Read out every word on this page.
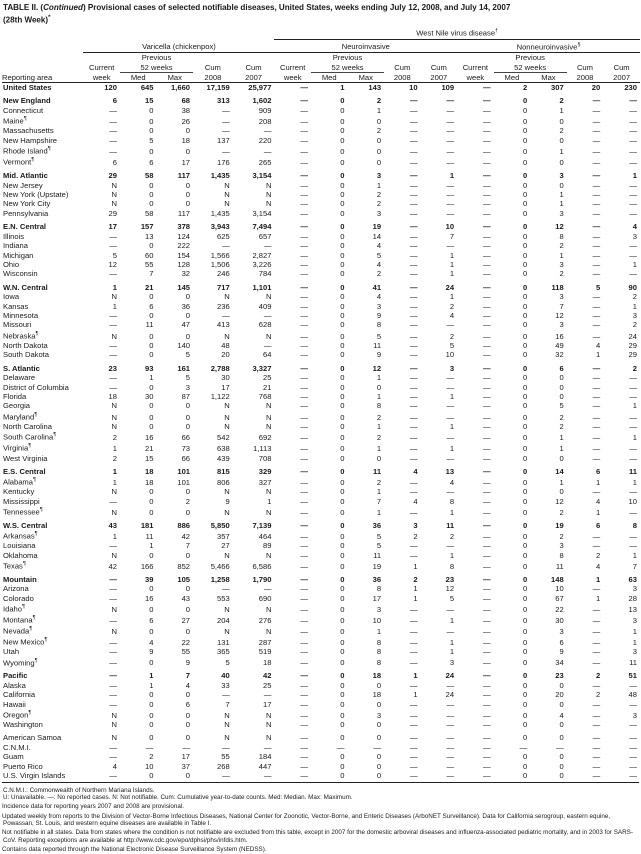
TABLE II. (Continued) Provisional cases of selected notifiable diseases, United States, weeks ending July 12, 2008, and July 14, 2007
(28th Week)*
						West Nile virus disease†
	Varicella (chickenpox)					Neuroinvasive					Nonneuroinvasive§
		Previous					Previous					Previous			
	Current	52 weeks		Cum	Cum	Current	52 weeks		Cum	Cum	Current	52 weeks		Cum	Cum
Reporting area	week	Med	Max	2008	2007	week	Med	Max	2008	2007	week	Med	Max	2008	2007
United States	120	645	1,660	17,159	25,977	—	1	143	10	109	—	2	307	20	230

New England	6	15	68	313	1,602	—	0	2	—	—	—	0	2	—	—
Connecticut	—	0	38	—	909	—	0	1	—	—	—	0	1	—	—
Maine¶	—	0	26	—	208	—	0	0	—	—	—	0	0	—	—
Massachusetts	—	0	0	—	—	—	0	2	—	—	—	0	2	—	—
New Hampshire	—	5	18	137	220	—	0	0	—	—	—	0	0	—	—
Rhode Island¶	—	0	0	—	—	—	0	0	—	—	—	0	1	—	—
Vermont¶	6	6	17	176	265	—	0	0	—	—	—	0	0	—	—

Mid. Atlantic	29	58	117	1,435	3,154	—	0	3	—	1	—	0	3	—	1
New Jersey	N	0	0	N	N	—	0	1	—	—	—	0	0	—	—
New York (Upstate)	N	0	0	N	N	—	0	2	—	—	—	0	1	—	—
New York City	N	0	0	N	N	—	0	2	—	—	—	0	1	—	—
Pennsylvania	29	58	117	1,435	3,154	—	0	3	—	—	—	0	3	—	—

E.N. Central	17	157	378	3,943	7,494	—	0	19	—	10	—	0	12	—	4
Illinois	—	13	124	625	657	—	0	14	—	7	—	0	8	—	3
Indiana	—	0	222	—	—	—	0	4	—	—	—	0	2	—	—
Michigan	5	60	154	1,566	2,827	—	0	5	—	1	—	0	1	—	—
Ohio	12	55	128	1,506	3,226	—	0	4	—	1	—	0	3	—	1
Wisconsin	—	7	32	246	784	—	0	2	—	1	—	0	2	—	—

W.N. Central	1	21	145	717	1,101	—	0	41	—	24	—	0	118	5	90
Iowa	N	0	0	N	N	—	0	4	—	1	—	0	3	—	2
Kansas	1	6	36	236	409	—	0	3	—	2	—	0	7	—	1
Minnesota	—	0	0	—	—	—	0	9	—	4	—	0	12	—	3
Missouri	—	11	47	413	628	—	0	8	—	—	—	0	3	—	2
Nebraska¶	N	0	0	N	N	—	0	5	—	2	—	0	16	—	24
North Dakota	—	0	140	48	—	—	0	11	—	5	—	0	49	4	29
South Dakota	—	0	5	20	64	—	0	9	—	10	—	0	32	1	29

S. Atlantic	23	93	161	2,788	3,327	—	0	12	—	3	—	0	6	—	2
Delaware	—	1	5	30	25	—	0	1	—	—	—	0	0	—	—
District of Columbia	—	0	3	17	21	—	0	0	—	—	—	0	0	—	—
Florida	18	30	87	1,122	768	—	0	1	—	1	—	0	0	—	—
Georgia	N	0	0	N	N	—	0	8	—	—	—	0	5	—	1
Maryland¶	N	0	0	N	N	—	0	2	—	—	—	0	2	—	—
North Carolina	N	0	0	N	N	—	0	1	—	1	—	0	2	—	—
South Carolina¶	2	16	66	542	692	—	0	2	—	—	—	0	1	—	1
Virginia¶	1	21	73	638	1,113	—	0	1	—	1	—	0	1	—	—
West Virginia	2	15	66	439	708	—	0	0	—	—	—	0	0	—	—

E.S. Central	1	18	101	815	329	—	0	11	4	13	—	0	14	6	11
Alabama¶	1	18	101	806	327	—	0	2	—	4	—	0	1	1	1
Kentucky	N	0	0	N	N	—	0	1	—	—	—	0	0	—	—
Mississippi	—	0	2	9	1	—	0	7	4	8	—	0	12	4	10
Tennessee¶	N	0	0	N	N	—	0	1	—	1	—	0	2	1	—

W.S. Central	43	181	886	5,850	7,139	—	0	36	3	11	—	0	19	6	8
Arkansas¶	1	11	42	357	464	—	0	5	2	2	—	0	2	—	—
Louisiana	—	1	7	27	89	—	0	5	—	—	—	0	3	—	—
Oklahoma	N	0	0	N	N	—	0	11	—	1	—	0	8	2	1
Texas¶	42	166	852	5,466	6,586	—	0	19	1	8	—	0	11	4	7

Mountain	—	39	105	1,258	1,790	—	0	36	2	23	—	0	148	1	63
Arizona	—	0	0	—	—	—	0	8	1	12	—	0	10	—	3
Colorado	—	16	43	553	690	—	0	17	1	5	—	0	67	1	28
Idaho¶	N	0	0	N	N	—	0	3	—	—	—	0	22	—	13
Montana¶	—	6	27	204	276	—	0	10	—	1	—	0	30	—	3
Nevada¶	N	0	0	N	N	—	0	1	—	—	—	0	3	—	1
New Mexico¶	—	4	22	131	287	—	0	8	—	1	—	0	6	—	1
Utah	—	9	55	365	519	—	0	8	—	1	—	0	9	—	3
Wyoming¶	—	0	9	5	18	—	0	8	—	3	—	0	34	—	11

Pacific	—	1	7	40	42	—	0	18	1	24	—	0	23	2	51
Alaska	—	1	4	33	25	—	0	0	—	—	—	0	0	—	—
California	—	0	0	—	—	—	0	18	1	24	—	0	20	2	48
Hawaii	—	0	6	7	17	—	0	0	—	—	—	0	0	—	—
Oregon¶	N	0	0	N	N	—	0	3	—	—	—	0	4	—	3
Washington	N	0	0	N	N	—	0	0	—	—	—	0	0	—	—

American Samoa	N	0	0	N	N	—	0	0	—	—	—	0	0	—	—
C.N.M.I.	—	—	—	—	—	—	—	—	—	—	—	—	—	—	—
Guam	—	2	17	55	184	—	0	0	—	—	—	0	0	—	—
Puerto Rico	4	10	37	268	447	—	0	0	—	—	—	0	0	—	—
U.S. Virgin Islands	—	0	0	—	—	—	0	0	—	—	—	0	0	—	—
C.N.M.I.: Commonwealth of Northern Mariana Islands.
U: Unavailable. —: No reported cases. N: Not notifiable. Cum: Cumulative year-to-date counts. Med: Median. Max: Maximum.
Incidence data for reporting years 2007 and 2008 are provisional.
Updated weekly from reports to the Division of Vector-Borne Infectious Diseases, National Center for Zoonotic, Vector-Borne, and Enteric Diseases (ArboNET Surveillance). Data for California serogroup, eastern equine, Powassan, St. Louis, and western equine diseases are available in Table I.
Not notifiable in all states. Data from states where the condition is not notifiable are excluded from this table, except in 2007 for the domestic arboviral diseases and influenza-associated pediatric mortality, and in 2003 for SARS-CoV. Reporting exceptions are available at http://www.cdc.gov/epo/dphsi/phs/infdis.htm.
Contains data reported through the National Electronic Disease Surveillance System (NEDSS).
